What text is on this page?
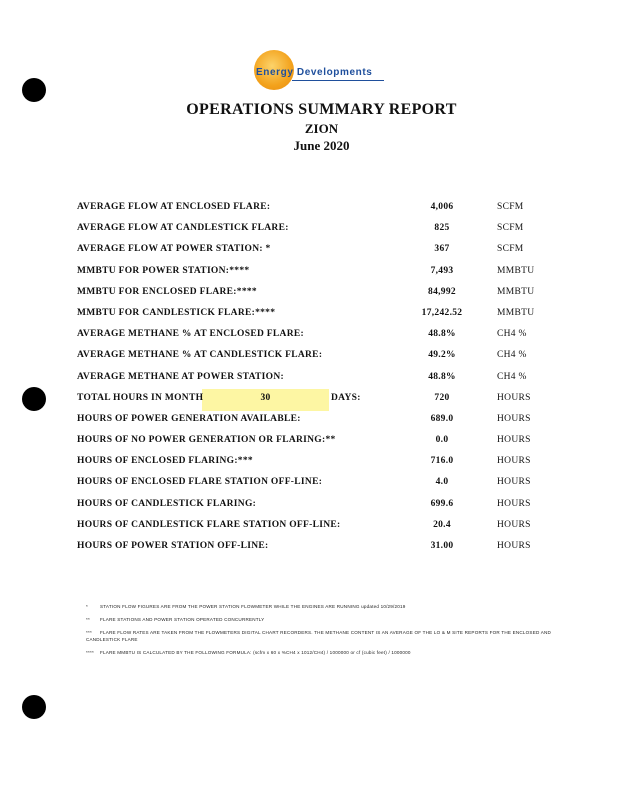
Energy Developments
OPERATIONS SUMMARY REPORT
ZION
June 2020
AVERAGE FLOW AT ENCLOSED FLARE:	4,006	SCFM
AVERAGE FLOW AT CANDLESTICK FLARE:	825	SCFM
AVERAGE FLOW AT POWER STATION: *	367	SCFM
MMBTU FOR POWER STATION:****	7,493	MMBTU
MMBTU FOR ENCLOSED FLARE:****	84,992	MMBTU
MMBTU FOR CANDLESTICK FLARE:****	17,242.52	MMBTU
AVERAGE METHANE % AT ENCLOSED FLARE:	48.8%	CH4 %
AVERAGE METHANE % AT CANDLESTICK FLARE:	49.2%	CH4 %
AVERAGE METHANE AT POWER STATION:	48.8%	CH4 %
TOTAL HOURS IN MONTH	30	DAYS:	720	HOURS
HOURS OF POWER GENERATION AVAILABLE:	689.0	HOURS
HOURS OF NO POWER GENERATION OR FLARING:**	0.0	HOURS
HOURS OF ENCLOSED FLARING:***	716.0	HOURS
HOURS OF ENCLOSED FLARE STATION OFF-LINE:	4.0	HOURS
HOURS OF CANDLESTICK FLARING:	699.6	HOURS
HOURS OF CANDLESTICK FLARE STATION OFF-LINE:	20.4	HOURS
HOURS OF POWER STATION OFF-LINE:	31.00	HOURS
*	STATION FLOW FIGURES ARE FROM THE POWER STATION FLOWMETER WHILE THE ENGINES ARE RUNNING updated 10/29/2019
** FLARE STATIONS AND POWER STATION OPERATED CONCURRENTLY
*** FLARE FLOW RATES ARE TAKEN FROM THE FLOWMETERS DIGITAL CHART RECORDERS. THE METHANE CONTENT IS AN AVERAGE OF THE LO & M SITE REPORTS FOR THE ENCLOSED AND CANDLESTICK FLARE
**** FLARE MMBTU IS CALCULATED BY THE FOLLOWING FORMULA: (scfm x 60 x %CH4 x 1012/CH4) / 1000000 or cf (cubic feet) / 1000000
